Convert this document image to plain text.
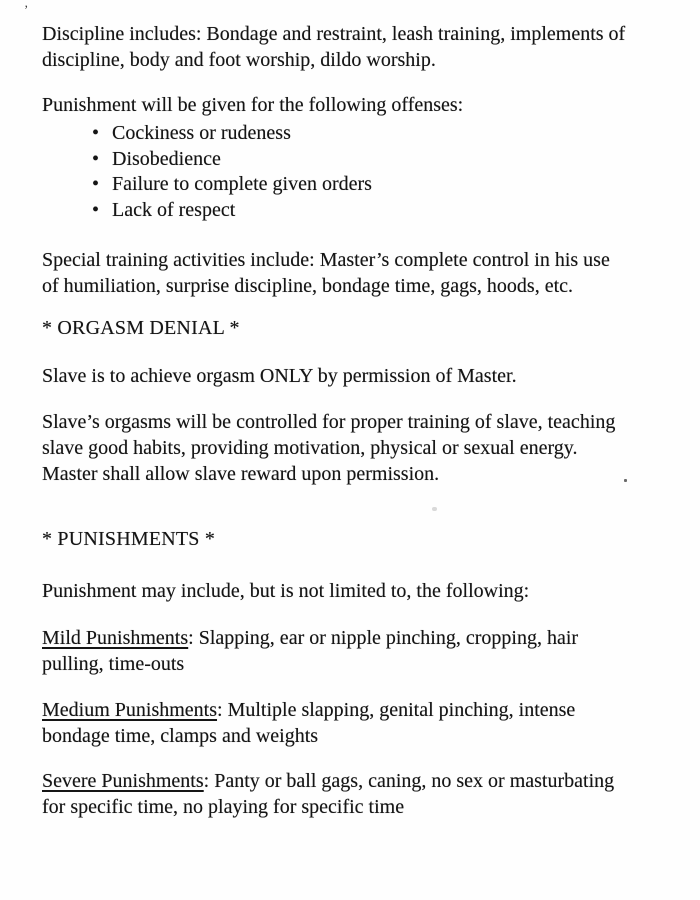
’
Discipline includes: Bondage and restraint, leash training, implements of
discipline, body and foot worship, dildo worship.
Punishment will be given for the following offenses:
• Cockiness or rudeness
• Disobedience
• Failure to complete given orders
• Lack of respect
Special training activities include: Master’s complete control in his use
of humiliation, surprise discipline, bondage time, gags, hoods, etc.
* ORGASM DENIAL *
Slave is to achieve orgasm ONLY by permission of Master.
Slave’s orgasms will be controlled for proper training of slave, teaching
slave good habits, providing motivation, physical or sexual energy.
Master shall allow slave reward upon permission.
* PUNISHMENTS *
Punishment may include, but is not limited to, the following:
Mild Punishments: Slapping, ear or nipple pinching, cropping, hair
pulling, time-outs
Medium Punishments: Multiple slapping, genital pinching, intense
bondage time, clamps and weights
Severe Punishments: Panty or ball gags, caning, no sex or masturbating
for specific time, no playing for specific time
